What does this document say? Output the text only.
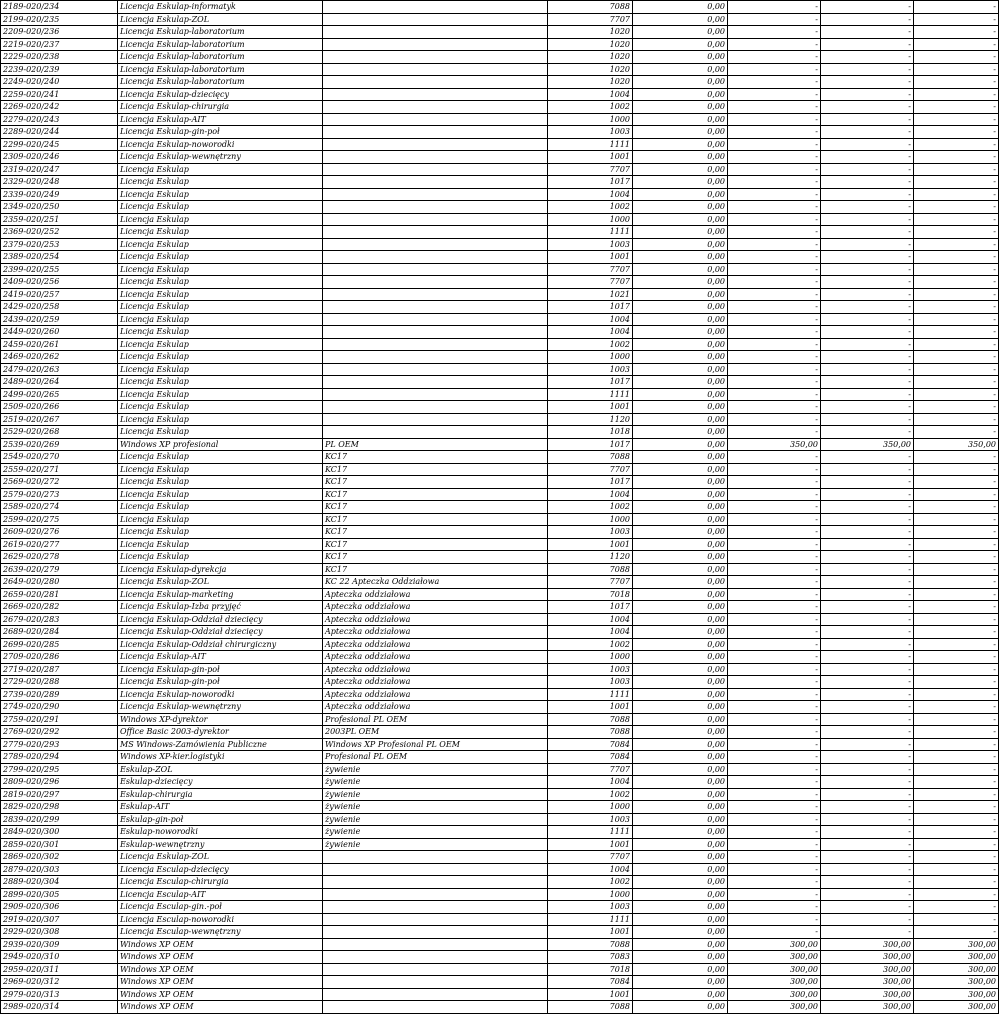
2189-020/234	Licencja Eskulap-informatyk		7088	0,00	-	-	-
2199-020/235	Licencja Eskulap-ZOL		7707	0,00	-	-	-
2209-020/236	Licencja Eskulap-laboratorium		1020	0,00	-	-	-
2219-020/237	Licencja Eskulap-laboratorium		1020	0,00	-	-	-
2229-020/238	Licencja Eskulap-laboratorium		1020	0,00	-	-	-
2239-020/239	Licencja Eskulap-laboratorium		1020	0,00	-	-	-
2249-020/240	Licencja Eskulap-laboratorium		1020	0,00	-	-	-
2259-020/241	Licencja Eskulap-dziecięcy		1004	0,00	-	-	-
2269-020/242	Licencja Eskulap-chirurgia		1002	0,00	-	-	-
2279-020/243	Licencja Eskulap-AIT		1000	0,00	-	-	-
2289-020/244	Licencja Eskulap-gin-poł		1003	0,00	-	-	-
2299-020/245	Licencja Eskulap-noworodki		1111	0,00	-	-	-
2309-020/246	Licencja Eskulap-wewnętrzny		1001	0,00	-	-	-
2319-020/247	Licencja Eskulap		7707	0,00	-	-	-
2329-020/248	Licencja Eskulap		1017	0,00	-	-	-
2339-020/249	Licencja Eskulap		1004	0,00	-	-	-
2349-020/250	Licencja Eskulap		1002	0,00	-	-	-
2359-020/251	Licencja Eskulap		1000	0,00	-	-	-
2369-020/252	Licencja Eskulap		1111	0,00	-	-	-
2379-020/253	Licencja Eskulap		1003	0,00	-	-	-
2389-020/254	Licencja Eskulap		1001	0,00	-	-	-
2399-020/255	Licencja Eskulap		7707	0,00	-	-	-
2409-020/256	Licencja Eskulap		7707	0,00	-	-	-
2419-020/257	Licencja Eskulap		1021	0,00	-	-	-
2429-020/258	Licencja Eskulap		1017	0,00	-	-	-
2439-020/259	Licencja Eskulap		1004	0,00	-	-	-
2449-020/260	Licencja Eskulap		1004	0,00	-	-	-
2459-020/261	Licencja Eskulap		1002	0,00	-	-	-
2469-020/262	Licencja Eskulap		1000	0,00	-	-	-
2479-020/263	Licencja Eskulap		1003	0,00	-	-	-
2489-020/264	Licencja Eskulap		1017	0,00	-	-	-
2499-020/265	Licencja Eskulap		1111	0,00	-	-	-
2509-020/266	Licencja Eskulap		1001	0,00	-	-	-
2519-020/267	Licencja Eskulap		1120	0,00	-	-	-
2529-020/268	Licencja Eskulap		1018	0,00	-	-	-
2539-020/269	Windows XP profesional	PL OEM	1017	0,00	350,00	350,00	350,00
2549-020/270	Licencja Eskulap	KC17	7088	0,00	-	-	-
2559-020/271	Licencja Eskulap	KC17	7707	0,00	-	-	-
2569-020/272	Licencja Eskulap	KC17	1017	0,00	-	-	-
2579-020/273	Licencja Eskulap	KC17	1004	0,00	-	-	-
2589-020/274	Licencja Eskulap	KC17	1002	0,00	-	-	-
2599-020/275	Licencja Eskulap	KC17	1000	0,00	-	-	-
2609-020/276	Licencja Eskulap	KC17	1003	0,00	-	-	-
2619-020/277	Licencja Eskulap	KC17	1001	0,00	-	-	-
2629-020/278	Licencja Eskulap	KC17	1120	0,00	-	-	-
2639-020/279	Licencja Eskulap-dyrekcja	KC17	7088	0,00	-	-	-
2649-020/280	Licencja Eskulap-ZOL	KC 22 Apteczka Oddziałowa	7707	0,00	-	-	-
2659-020/281	Licencja Eskulap-marketing	Apteczka oddziałowa	7018	0,00	-	-	-
2669-020/282	Licencja Eskulap-Izba przyjęć	Apteczka oddziałowa	1017	0,00	-	-	-
2679-020/283	Licencja Eskulap-Oddział dziecięcy	Apteczka oddziałowa	1004	0,00	-	-	-
2689-020/284	Licencja Eskulap-Oddział dziecięcy	Apteczka oddziałowa	1004	0,00	-	-	-
2699-020/285	Licencja Eskulap-Oddział chirurgiczny	Apteczka oddziałowa	1002	0,00	-	-	-
2709-020/286	Licencja Eskulap-AIT	Apteczka oddziałowa	1000	0,00	-	-	-
2719-020/287	Licencja Eskulap-gin-poł	Apteczka oddziałowa	1003	0,00	-	-	-
2729-020/288	Licencja Eskulap-gin-poł	Apteczka oddziałowa	1003	0,00	-	-	-
2739-020/289	Licencja Eskulap-noworodki	Apteczka oddziałowa	1111	0,00	-	-	-
2749-020/290	Licencja Eskulap-wewnętrzny	Apteczka oddziałowa	1001	0,00	-	-	-
2759-020/291	Windows XP-dyrektor	Profesional PL OEM	7088	0,00	-	-	-
2769-020/292	Office Basic 2003-dyrektor	2003PL OEM	7088	0,00	-	-	-
2779-020/293	MS Windows-Zamówienia Publiczne	Windows XP Profesional PL OEM	7084	0,00	-	-	-
2789-020/294	Windows XP-kier.logistyki	Profesional PL OEM	7084	0,00	-	-	-
2799-020/295	Eskulap-ZOL	żywienie	7707	0,00	-	-	-
2809-020/296	Eskulap-dziecięcy	żywienie	1004	0,00	-	-	-
2819-020/297	Eskulap-chirurgia	żywienie	1002	0,00	-	-	-
2829-020/298	Eskulap-AIT	żywienie	1000	0,00	-	-	-
2839-020/299	Eskulap-gin-poł	żywienie	1003	0,00	-	-	-
2849-020/300	Eskulap-noworodki	żywienie	1111	0,00	-	-	-
2859-020/301	Eskulap-wewnętrzny	żywienie	1001	0,00	-	-	-
2869-020/302	Licencja Eskulap-ZOL		7707	0,00	-	-	-
2879-020/303	Licencja Esculap-dziecięcy		1004	0,00	-	-	-
2889-020/304	Licencja Esculap-chirurgia		1002	0,00	-	-	-
2899-020/305	Licencja Esculap-AIT		1000	0,00	-	-	-
2909-020/306	Licencja Esculap-gin.-poł		1003	0,00	-	-	-
2919-020/307	Licencja Esculap-noworodki		1111	0,00	-	-	-
2929-020/308	Licencja Esculap-wewnętrzny		1001	0,00	-	-	-
2939-020/309	Windows XP OEM		7088	0,00	300,00	300,00	300,00
2949-020/310	Windows XP OEM		7083	0,00	300,00	300,00	300,00
2959-020/311	Windows XP OEM		7018	0,00	300,00	300,00	300,00
2969-020/312	Windows XP OEM		7084	0,00	300,00	300,00	300,00
2979-020/313	Windows XP OEM		1001	0,00	300,00	300,00	300,00
2989-020/314	Windows XP OEM		7088	0,00	300,00	300,00	300,00
